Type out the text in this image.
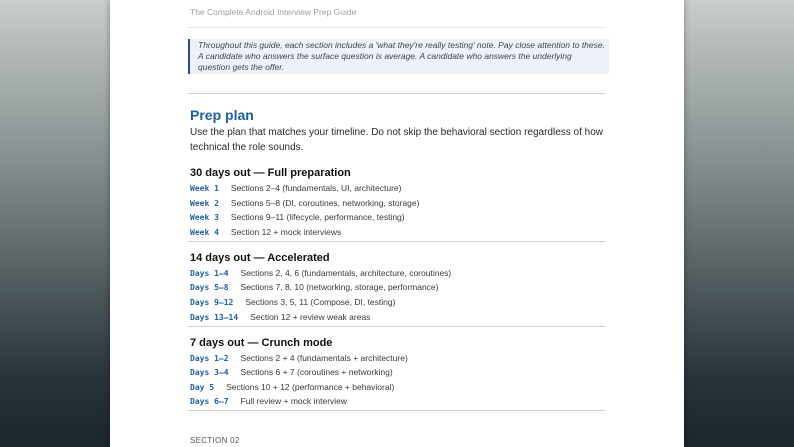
The Complete Android Interview Prep Guide
Throughout this guide, each section includes a 'what they're really testing' note. Pay close attention to these. A candidate who answers the surface question is average. A candidate who answers the underlying question gets the offer.
Prep plan
Use the plan that matches your timeline. Do not skip the behavioral section regardless of how technical the role sounds.
30 days out — Full preparation
Week 1 Sections 2–4 (fundamentals, UI, architecture)
Week 2 Sections 5–8 (DI, coroutines, networking, storage)
Week 3 Sections 9–11 (lifecycle, performance, testing)
Week 4 Section 12 + mock interviews
14 days out — Accelerated
Days 1–4 Sections 2, 4, 6 (fundamentals, architecture, coroutines)
Days 5–8 Sections 7, 8, 10 (networking, storage, performance)
Days 9–12 Sections 3, 5, 11 (Compose, DI, testing)
Days 13–14 Section 12 + review weak areas
7 days out — Crunch mode
Days 1–2 Sections 2 + 4 (fundamentals + architecture)
Days 3–4 Sections 6 + 7 (coroutines + networking)
Day 5 Sections 10 + 12 (performance + behavioral)
Days 6–7 Full review + mock interview
SECTION 02
